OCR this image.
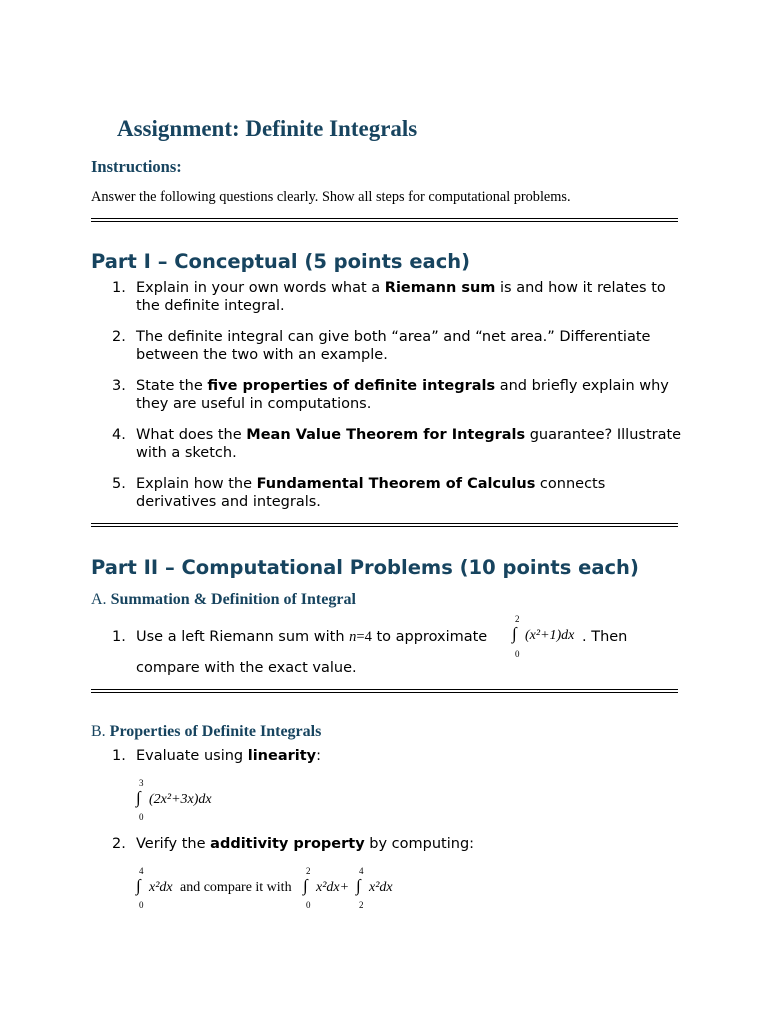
Assignment: Definite Integrals
Instructions:
Answer the following questions clearly. Show all steps for computational problems.
Part I – Conceptual (5 points each)
1. Explain in your own words what a Riemann sum is and how it relates to the definite integral.
2. The definite integral can give both “area” and “net area.” Differentiate between the two with an example.
3. State the five properties of definite integrals and briefly explain why they are useful in computations.
4. What does the Mean Value Theorem for Integrals guarantee? Illustrate with a sketch.
5. Explain how the Fundamental Theorem of Calculus connects derivatives and integrals.
Part II – Computational Problems (10 points each)
A. Summation & Definition of Integral
1. Use a left Riemann sum with n=4 to approximate
2
∫
0
(x²+1)dx . Then
compare with the exact value.
B. Properties of Definite Integrals
1. Evaluate using linearity:
3
∫
0
(2x²+3x)dx
2. Verify the additivity property by computing:
4
∫
0
x²dx and compare it with
2
∫
0
x²dx+
4
∫
2
x²dx
